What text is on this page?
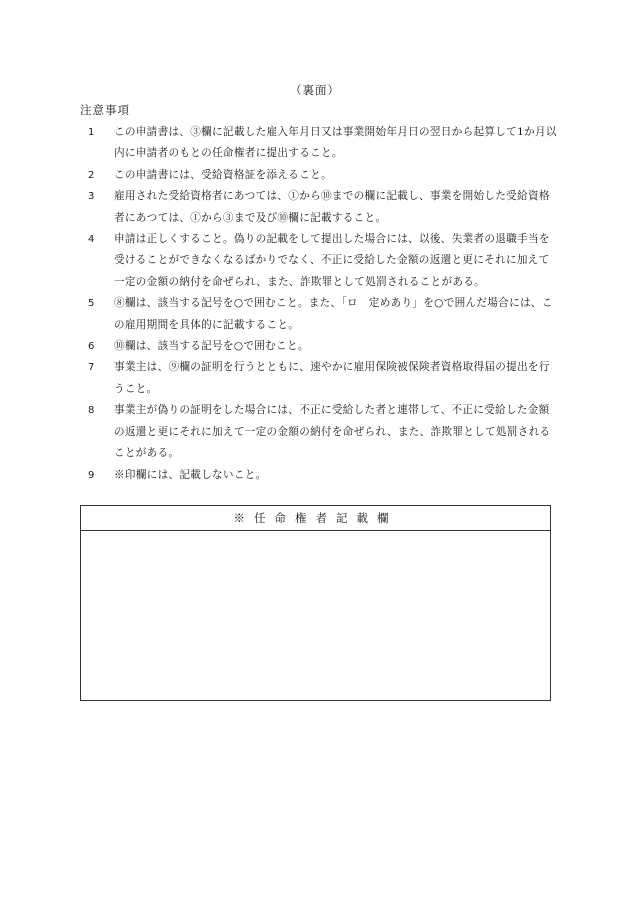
（裏面）
注意事項
1	この申請書は、③欄に記載した雇入年月日又は事業開始年月日の翌日から起算して1か月以内に申請者のもとの任命権者に提出すること。
2	この申請書には、受給資格証を添えること。
3	雇用された受給資格者にあつては、①から⑩までの欄に記載し、事業を開始した受給資格者にあつては、①から③まで及び⑩欄に記載すること。
4	申請は正しくすること。偽りの記載をして提出した場合には、以後、失業者の退職手当を受けることができなくなるばかりでなく、不正に受給した金額の返還と更にそれに加えて一定の金額の納付を命ぜられ、また、詐欺罪として処罰されることがある。
5	⑧欄は、該当する記号を○で囲むこと。また、「ロ　定めあり」を○で囲んだ場合には、この雇用期間を具体的に記載すること。
6	⑩欄は、該当する記号を○で囲むこと。
7	事業主は、⑨欄の証明を行うとともに、速やかに雇用保険被保険者資格取得届の提出を行うこと。
8	事業主が偽りの証明をした場合には、不正に受給した者と連帯して、不正に受給した金額の返還と更にそれに加えて一定の金額の納付を命ぜられ、また、詐欺罪として処罰されることがある。
9	※印欄には、記載しないこと。
※任命権者記載欄
